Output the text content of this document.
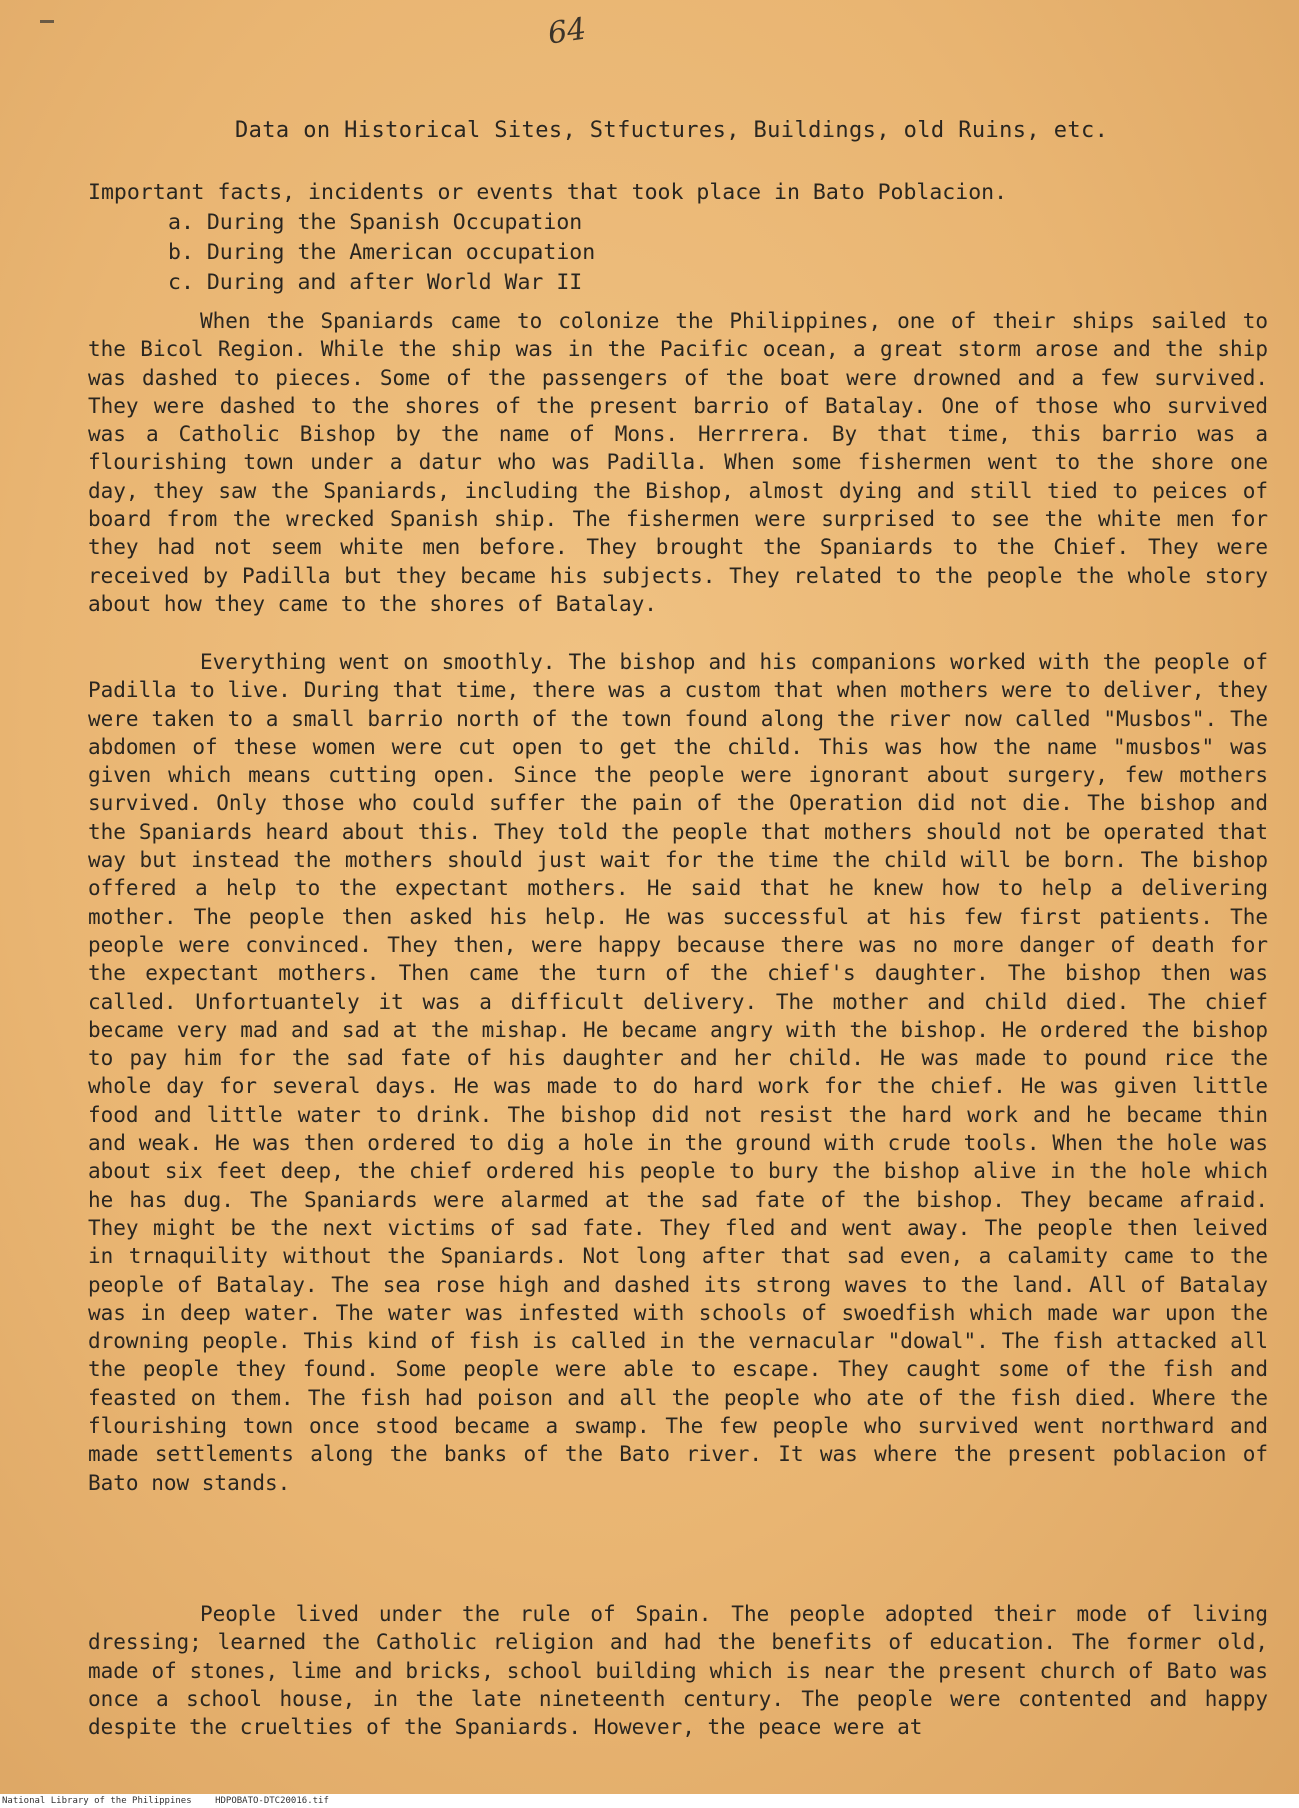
64
Data on Historical Sites, Stfuctures, Buildings, old Ruins, etc.
Important facts, incidents or events that took place in Bato Poblacion.
a. During the Spanish Occupation
b. During the American occupation
c. During and after World War II

When the Spaniards came to colonize the Philippines, one of their ships sailed to the Bicol Region. While the ship was in the Pacific ocean, a great storm arose and the ship was dashed to pieces. Some of the passengers of the boat were drowned and a few survived. They were dashed to the shores of the present barrio of Batalay. One of those who survived was a Catholic Bishop by the name of Mons. Herrrera. By that time, this barrio was a flourishing town under a datur who was Padilla. When some fishermen went to the shore one day, they saw the Spaniards, including the Bishop, almost dying and still tied to peices of board from the wrecked Spanish ship. The fishermen were surprised to see the white men for they had not seem white men before. They brought the Spaniards to the Chief. They were received by Padilla but they became his subjects. They related to the people the whole story about how they came to the shores of Batalay.

Everything went on smoothly. The bishop and his companions worked with the people of Padilla to live. During that time, there was a custom that when mothers were to deliver, they were taken to a small barrio north of the town found along the river now called "Musbos". The abdomen of these women were cut open to get the child. This was how the name "musbos" was given which means cutting open. Since the people were ignorant about surgery, few mothers survived. Only those who could suffer the pain of the Operation did not die. The bishop and the Spaniards heard about this. They told the people that mothers should not be operated that way but instead the mothers should just wait for the time the child will be born. The bishop offered a help to the expectant mothers. He said that he knew how to help a delivering mother. The people then asked his help. He was successful at his few first patients. The people were convinced. They then, were happy because there was no more danger of death for the expectant mothers. Then came the turn of the chief's daughter. The bishop then was called. Unfortuantely it was a difficult delivery. The mother and child died. The chief became very mad and sad at the mishap. He became angry with the bishop. He ordered the bishop to pay him for the sad fate of his daughter and her child. He was made to pound rice the whole day for several days. He was made to do hard work for the chief. He was given little food and little water to drink. The bishop did not resist the hard work and he became thin and weak. He was then ordered to dig a hole in the ground with crude tools. When the hole was about six feet deep, the chief ordered his people to bury the bishop alive in the hole which he has dug. The Spaniards were alarmed at the sad fate of the bishop. They became afraid. They might be the next victims of sad fate. They fled and went away. The people then leived in trnaquility without the Spaniards. Not long after that sad even, a calamity came to the people of Batalay. The sea rose high and dashed its strong waves to the land. All of Batalay was in deep water. The water was infested with schools of swoedfish which made war upon the drowning people. This kind of fish is called in the vernacular "dowal". The fish attacked all the people they found. Some people were able to escape. They caught some of the fish and feasted on them. The fish had poison and all the people who ate of the fish died. Where the flourishing town once stood became a swamp. The few people who survived went northward and made settlements along the banks of the Bato river. It was where the present poblacion of Bato now stands.

People lived under the rule of Spain. The people adopted their mode of living dressing; learned the Catholic religion and had the benefits of education. The former old, made of stones, lime and bricks, school building which is near the present church of Bato was once a school house, in the late nineteenth century. The people were contented and happy despite the cruelties of the Spaniards. However, the peace were at

National Library of the Philippines	HDPOBATO-DTC20016.tif
